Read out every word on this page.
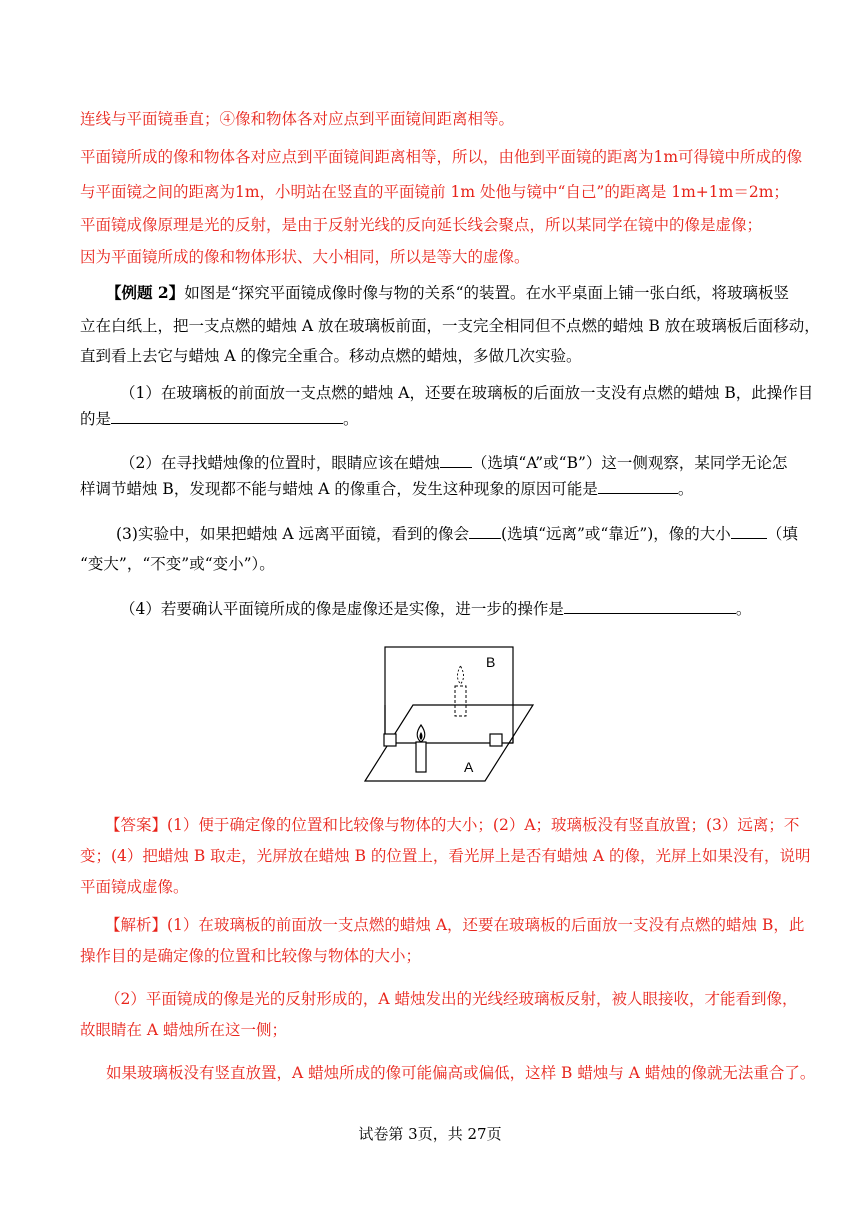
连线与平面镜垂直；④像和物体各对应点到平面镜间距离相等。
平面镜所成的像和物体各对应点到平面镜间距离相等，所以，由他到平面镜的距离为1m可得镜中所成的像
与平面镜之间的距离为1m，小明站在竖直的平面镜前 1m 处他与镜中“自己”的距离是 1m+1m＝2m；
平面镜成像原理是光的反射，是由于反射光线的反向延长线会聚点，所以某同学在镜中的像是虚像；
因为平面镜所成的像和物体形状、大小相同，所以是等大的虚像。
【例题 2】如图是“探究平面镜成像时像与物的关系“的装置。在水平桌面上铺一张白纸，将玻璃板竖
立在白纸上，把一支点燃的蜡烛 A 放在玻璃板前面，一支完全相同但不点燃的蜡烛 B 放在玻璃板后面移动，
直到看上去它与蜡烛 A 的像完全重合。移动点燃的蜡烛，多做几次实验。
（1）在玻璃板的前面放一支点燃的蜡烛 A，还要在玻璃板的后面放一支没有点燃的蜡烛 B，此操作目
的是	。
（2）在寻找蜡烛像的位置时，眼睛应该在蜡烛 （选填“A”或“B”）这一侧观察，某同学无论怎
样调节蜡烛 B，发现都不能与蜡烛 A 的像重合，发生这种现象的原因可能是	。
(3)实验中，如果把蜡烛 A 远离平面镜，看到的像会 (选填“远离”或“靠近”)，像的大小 （填
“变大”，“不变”或“变小”）。
（4）若要确认平面镜所成的像是虚像还是实像，进一步的操作是	。
B
A
【答案】(1）便于确定像的位置和比较像与物体的大小；(2）A；玻璃板没有竖直放置；(3）远离；不
变；(4）把蜡烛 B 取走，光屏放在蜡烛 B 的位置上，看光屏上是否有蜡烛 A 的像，光屏上如果没有，说明
平面镜成虚像。
【解析】(1）在玻璃板的前面放一支点燃的蜡烛 A，还要在玻璃板的后面放一支没有点燃的蜡烛 B，此
操作目的是确定像的位置和比较像与物体的大小；
（2）平面镜成的像是光的反射形成的，A 蜡烛发出的光线经玻璃板反射，被人眼接收，才能看到像，
故眼睛在 A 蜡烛所在这一侧；
如果玻璃板没有竖直放置，A 蜡烛所成的像可能偏高或偏低，这样 B 蜡烛与 A 蜡烛的像就无法重合了。
试卷第 3页，共 27页
